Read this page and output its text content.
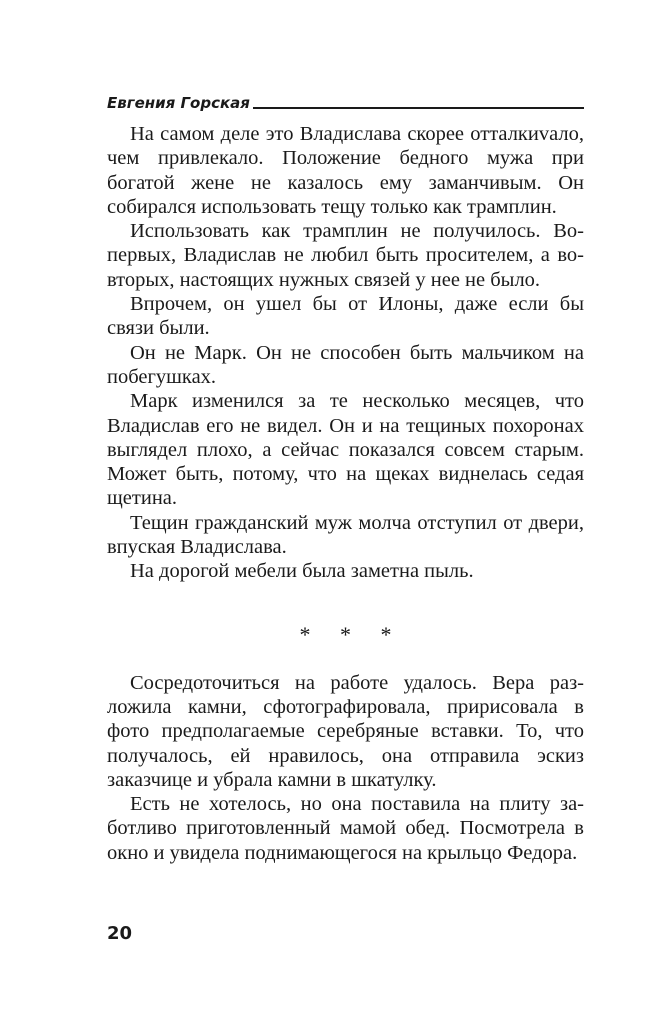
Евгения Горская

На самом деле это Владислава скорее отталкиvало, чем привлекало. Положение бедного мужа при богатой жене не казалось ему заманчивым. Он собирался использовать тещу только как трамплин.

Использовать как трамплин не получилось. Во-первых, Владислав не любил быть просителем, а во-вторых, настоящих нужных связей у нее не было.

Впрочем, он ушел бы от Илоны, даже если бы связи были.

Он не Марк. Он не способен быть мальчиком на побегушках.

Марк изменился за те несколько месяцев, что Владислав его не видел. Он и на тещиных похоронах выглядел плохо, а сейчас показался совсем старым. Может быть, потому, что на щеках виднелась седая щетина.

Тещин гражданский муж молча отступил от двери, впуская Владислава.

На дорогой мебели была заметна пыль.

* * *

Сосредоточиться на работе удалось. Вера разложила камни, сфотографировала, пририсовала в фото предполагаемые серебряные вставки. То, что получалось, ей нравилось, она отправила эскиз заказчице и убрала камни в шкатулку.

Есть не хотелось, но она поставила на плиту заботливо приготовленный мамой обед. Посмотрела в окно и увидела поднимающегося на крыльцо Федора.

20
